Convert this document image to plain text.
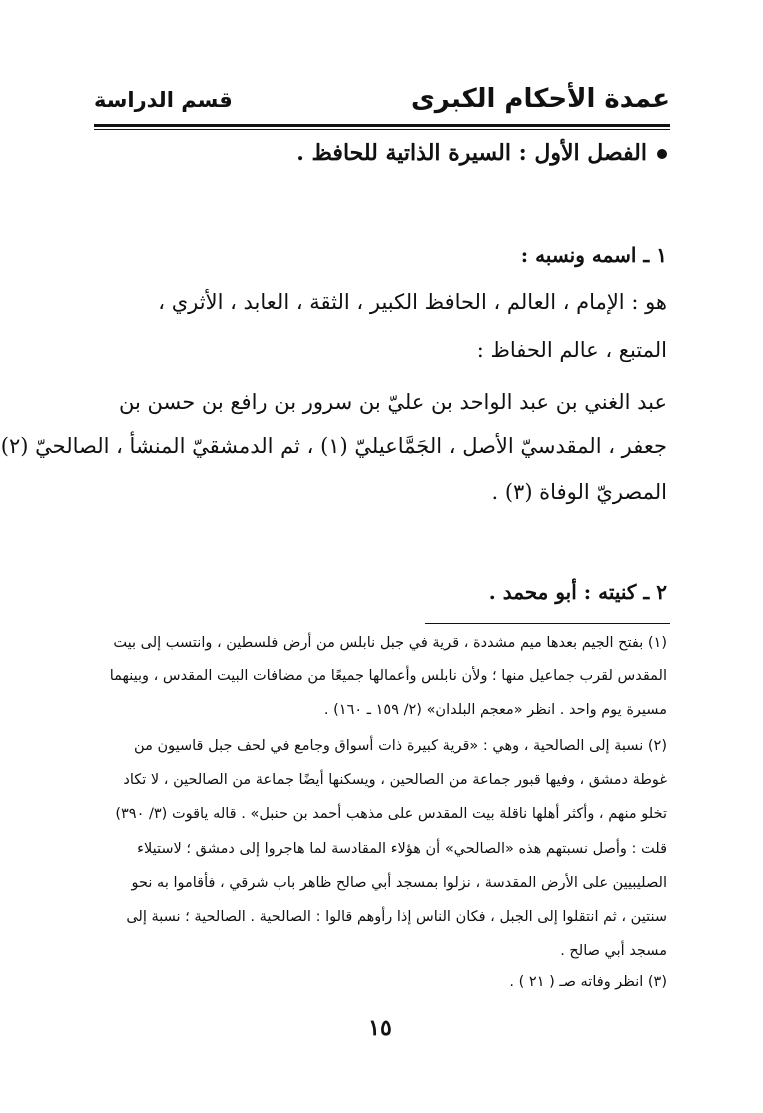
عمدة الأحكام الكبرى
قسم الدراسة
الفصل الأول : السيرة الذاتية للحافظ .
١ ـ اسمه ونسبه :
هو : الإمام ، العالم ، الحافظ الكبير ، الثقة ، العابد ، الأثري ،
المتبع ، عالم الحفاظ :
عبد الغني بن عبد الواحد بن عليّ بن سرور بن رافع بن حسن بن
جعفر ، المقدسيّ الأصل ، الجَمَّاعيليّ (١) ، ثم الدمشقيّ المنشأ ، الصالحيّ (٢)
المصريّ الوفاة (٣) .
٢ ـ كنيته : أبو محمد .
(١) بفتح الجيم بعدها ميم مشددة ، قرية في جبل نابلس من أرض فلسطين ، وانتسب إلى بيت
المقدس لقرب جماعيل منها ؛ ولأن نابلس وأعمالها جميعًا من مضافات البيت المقدس ، وبينهما
مسيرة يوم واحد . انظر «معجم البلدان» (٢/ ١٥٩ ـ ١٦٠) .
(٢) نسبة إلى الصالحية ، وهي : «قرية كبيرة ذات أسواق وجامع في لحف جبل قاسيون من
غوطة دمشق ، وفيها قبور جماعة من الصالحين ، ويسكنها أيضًا جماعة من الصالحين ، لا تكاد
تخلو منهم ، وأكثر أهلها ناقلة بيت المقدس على مذهب أحمد بن حنبل» . قاله ياقوت (٣/ ٣٩٠)
قلت : وأصل نسبتهم هذه «الصالحي» أن هؤلاء المقادسة لما هاجروا إلى دمشق ؛ لاستيلاء
الصليبيين على الأرض المقدسة ، نزلوا بمسجد أبي صالح ظاهر باب شرقي ، فأقاموا به نحو
سنتين ، ثم انتقلوا إلى الجبل ، فكان الناس إذا رأوهم قالوا : الصالحية . الصالحية ؛ نسبة إلى
مسجد أبي صالح .
(٣) انظر وفاته صـ ( ٢١ ) .
١٥
